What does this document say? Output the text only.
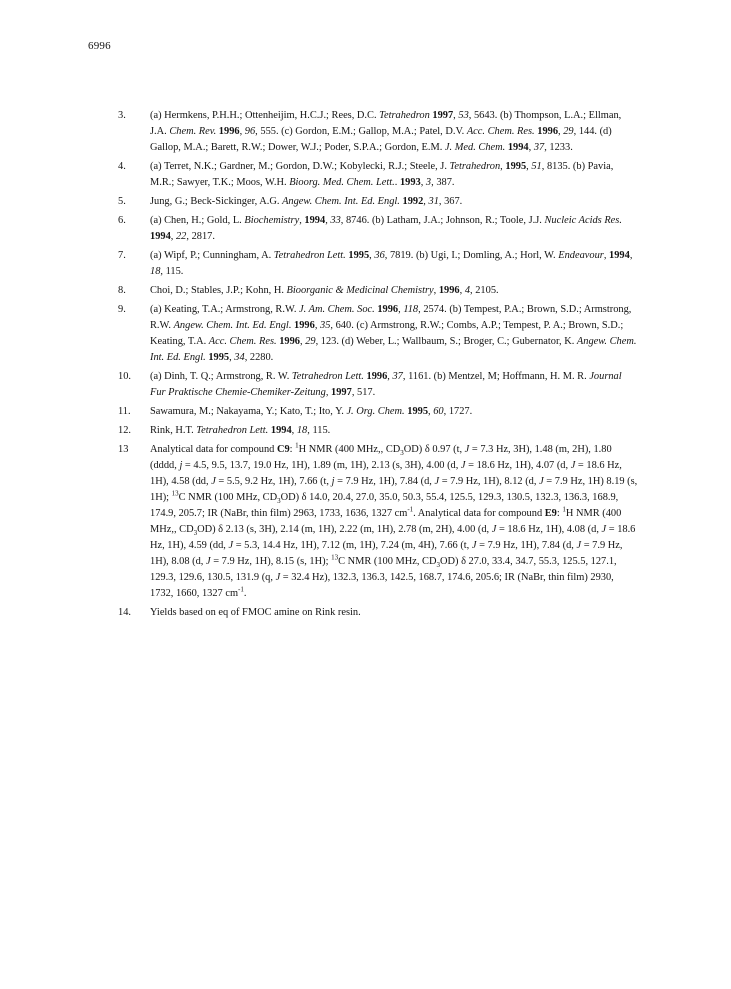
6996
3.	(a) Hermkens, P.H.H.; Ottenheijim, H.C.J.; Rees, D.C. Tetrahedron 1997, 53, 5643. (b) Thompson, L.A.; Ellman, J.A. Chem. Rev. 1996, 96, 555. (c) Gordon, E.M.; Gallop, M.A.; Patel, D.V. Acc. Chem. Res. 1996, 29, 144. (d) Gallop, M.A.; Barett, R.W.; Dower, W.J.; Poder, S.P.A.; Gordon, E.M. J. Med. Chem. 1994, 37, 1233.
4.	(a) Terret, N.K.; Gardner, M.; Gordon, D.W.; Kobylecki, R.J.; Steele, J. Tetrahedron, 1995, 51, 8135. (b) Pavia, M.R.; Sawyer, T.K.; Moos, W.H. Bioorg. Med. Chem. Lett.. 1993, 3, 387.
5.	Jung, G.; Beck-Sickinger, A.G. Angew. Chem. Int. Ed. Engl. 1992, 31, 367.
6.	(a) Chen, H.; Gold, L. Biochemistry, 1994, 33, 8746. (b) Latham, J.A.; Johnson, R.; Toole, J.J. Nucleic Acids Res. 1994, 22, 2817.
7.	(a) Wipf, P.; Cunningham, A. Tetrahedron Lett. 1995, 36, 7819. (b) Ugi, I.; Domling, A.; Horl, W. Endeavour, 1994, 18, 115.
8.	Choi, D.; Stables, J.P.; Kohn, H. Bioorganic & Medicinal Chemistry, 1996, 4, 2105.
9.	(a) Keating, T.A.; Armstrong, R.W. J. Am. Chem. Soc. 1996, 118, 2574. (b) Tempest, P.A.; Brown, S.D.; Armstrong, R.W. Angew. Chem. Int. Ed. Engl. 1996, 35, 640. (c) Armstrong, R.W.; Combs, A.P.; Tempest, P. A.; Brown, S.D.; Keating, T.A. Acc. Chem. Res. 1996, 29, 123. (d) Weber, L.; Wallbaum, S.; Broger, C.; Gubernator, K. Angew. Chem. Int. Ed. Engl. 1995, 34, 2280.
10.	(a) Dinh, T. Q.; Armstrong, R. W. Tetrahedron Lett. 1996, 37, 1161. (b) Mentzel, M; Hoffmann, H. M. R. Journal Fur Praktische Chemie-Chemiker-Zeitung, 1997, 517.
11.	Sawamura, M.; Nakayama, Y.; Kato, T.; Ito, Y. J. Org. Chem. 1995, 60, 1727.
12.	Rink, H.T. Tetrahedron Lett. 1994, 18, 115.
13	Analytical data for compound C9: $^1$H NMR (400 MHz,, $CD_3OD$) δ 0.97 (t, J = 7.3 Hz, 3H), 1.48 (m, 2H), 1.80 (dddd, j = 4.5, 9.5, 13.7, 19.0 Hz, 1H), 1.89 (m, 1H), 2.13 (s, 3H), 4.00 (d, J = 18.6 Hz, 1H), 4.07 (d, J = 18.6 Hz, 1H), 4.58 (dd, J = 5.5, 9.2 Hz, 1H), 7.66 (t, j = 7.9 Hz, 1H), 7.84 (d, J = 7.9 Hz, 1H), 8.12 (d, J = 7.9 Hz, 1H) 8.19 (s, 1H); $^{13}$C NMR (100 MHz, $CD_3OD$) δ 14.0, 20.4, 27.0, 35.0, 50.3, 55.4, 125.5, 129.3, 130.5, 132.3, 136.3, 168.9, 174.9, 205.7; IR (NaBr, thin film) 2963, 1733, 1636, 1327 $cm^{-1}$. Analytical data for compound E9: $^1$H NMR (400 MHz,, $CD_3OD$) δ 2.13 (s, 3H), 2.14 (m, 1H), 2.22 (m, 1H), 2.78 (m, 2H), 4.00 (d, J = 18.6 Hz, 1H), 4.08 (d, J = 18.6 Hz, 1H), 4.59 (dd, J = 5.3, 14.4 Hz, 1H), 7.12 (m, 1H), 7.24 (m, 4H), 7.66 (t, J = 7.9 Hz, 1H), 7.84 (d, J = 7.9 Hz, 1H), 8.08 (d, J = 7.9 Hz, 1H), 8.15 (s, 1H); $^{13}$C NMR (100 MHz, $CD_3OD$) δ 27.0, 33.4, 34.7, 55.3, 125.5, 127.1, 129.3, 129.6, 130.5, 131.9 (q, J = 32.4 Hz), 132.3, 136.3, 142.5, 168.7, 174.6, 205.6; IR (NaBr, thin film) 2930, 1732, 1660, 1327 $cm^{-1}$.
14.	Yields based on eq of FMOC amine on Rink resin.
